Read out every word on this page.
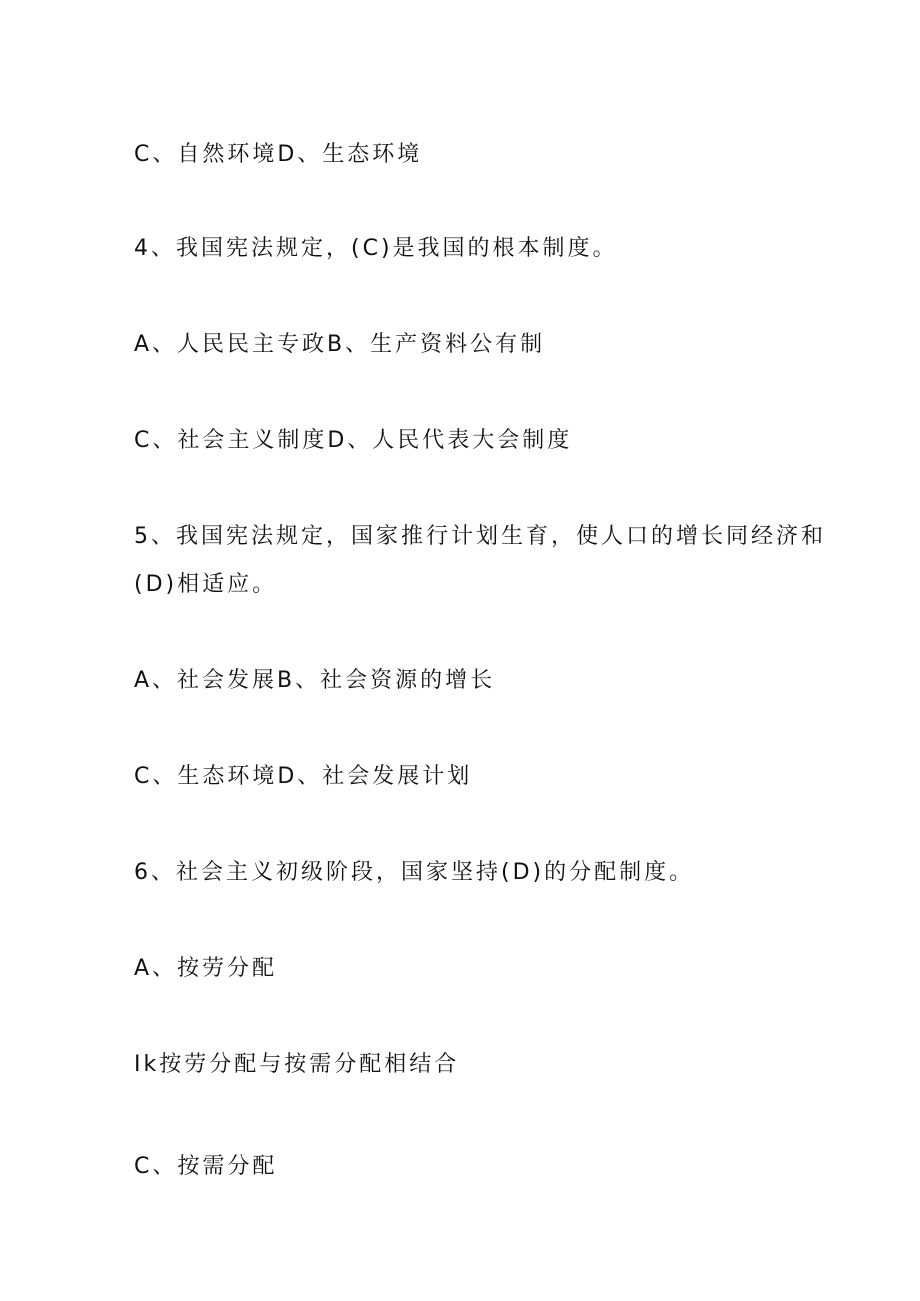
C、自然环境D、生态环境

4、我国宪法规定，(C)是我国的根本制度。

A、人民民主专政B、生产资料公有制

C、社会主义制度D、人民代表大会制度

5、我国宪法规定，国家推行计划生育，使人口的增长同经济和

(D)相适应。

A、社会发展B、社会资源的增长

C、生态环境D、社会发展计划

6、社会主义初级阶段，国家坚持(D)的分配制度。

A、按劳分配

Ik按劳分配与按需分配相结合

C、按需分配
